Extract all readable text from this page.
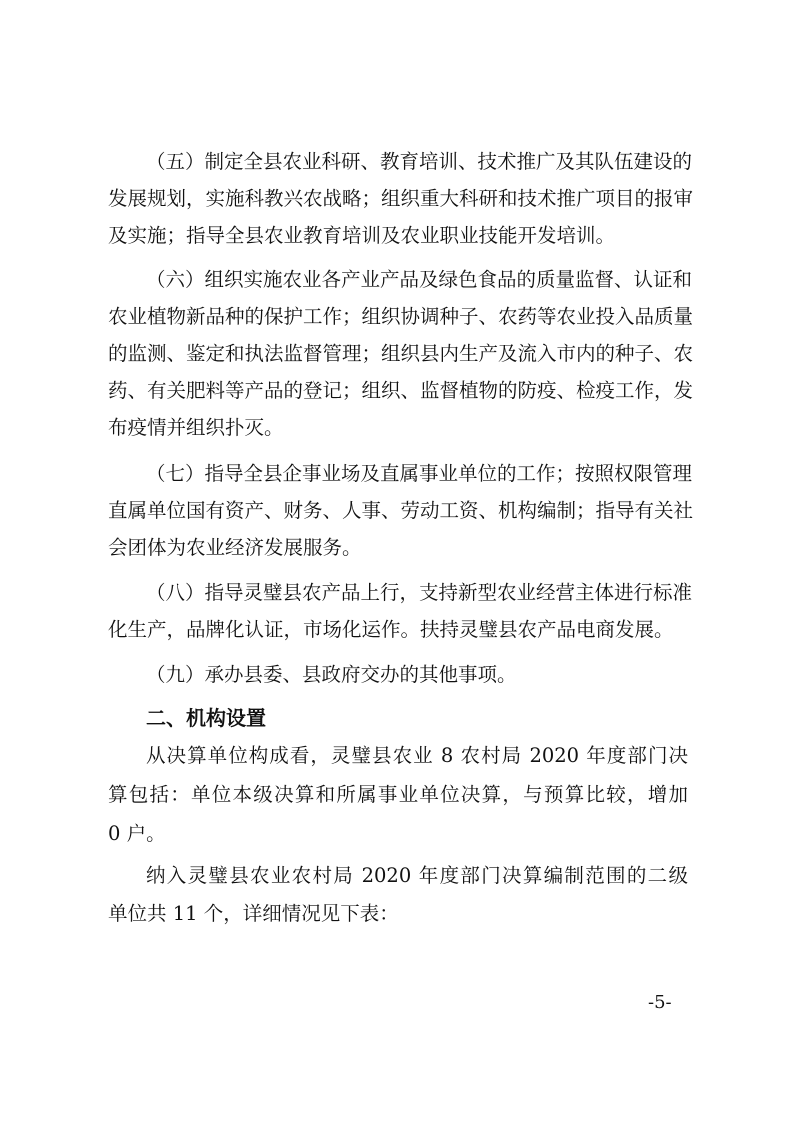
（五）制定全县农业科研、教育培训、技术推广及其队伍建设的
发展规划，实施科教兴农战略；组织重大科研和技术推广项目的报审
及实施；指导全县农业教育培训及农业职业技能开发培训。
（六）组织实施农业各产业产品及绿色食品的质量监督、认证和
农业植物新品种的保护工作；组织协调种子、农药等农业投入品质量
的监测、鉴定和执法监督管理；组织县内生产及流入市内的种子、农
药、有关肥料等产品的登记；组织、监督植物的防疫、检疫工作，发
布疫情并组织扑灭。
（七）指导全县企事业场及直属事业单位的工作；按照权限管理
直属单位国有资产、财务、人事、劳动工资、机构编制；指导有关社
会团体为农业经济发展服务。
（八）指导灵璧县农产品上行，支持新型农业经营主体进行标准
化生产，品牌化认证，市场化运作。扶持灵璧县农产品电商发展。
（九）承办县委、县政府交办的其他事项。
二、机构设置
从决算单位构成看，灵璧县农业 8 农村局 2020 年度部门决
算包括：单位本级决算和所属事业单位决算，与预算比较，增加
0 户。
纳入灵璧县农业农村局 2020 年度部门决算编制范围的二级
单位共 11 个，详细情况见下表：
-5-
